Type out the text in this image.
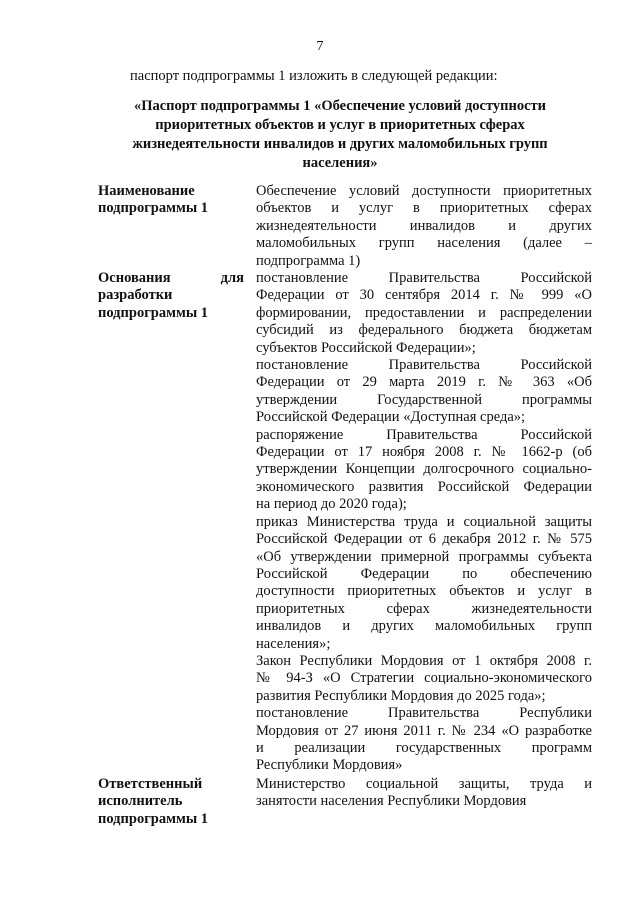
7
паспорт подпрограммы 1 изложить в следующей редакции:
«Паспорт подпрограммы 1 «Обеспечение условий доступности
приоритетных объектов и услуг в приоритетных сферах
жизнедеятельности инвалидов и других маломобильных групп
населения»
Наименование
подпрограммы 1
Обеспечение условий доступности приоритетных
объектов и услуг в приоритетных сферах
жизнедеятельности инвалидов и других
маломобильных групп населения (далее –
подпрограмма 1)
Основания для
разработки
подпрограммы 1
постановление Правительства Российской
Федерации от 30 сентября 2014 г. № 999 «О
формировании, предоставлении и распределении
субсидий из федерального бюджета бюджетам
субъектов Российской Федерации»;
постановление Правительства Российской
Федерации от 29 марта 2019 г. № 363 «Об
утверждении Государственной программы
Российской Федерации «Доступная среда»;
распоряжение Правительства Российской
Федерации от 17 ноября 2008 г. № 1662-р (об
утверждении Концепции долгосрочного социально-
экономического развития Российской Федерации
на период до 2020 года);
приказ Министерства труда и социальной защиты
Российской Федерации от 6 декабря 2012 г. № 575
«Об утверждении примерной программы субъекта
Российской Федерации по обеспечению
доступности приоритетных объектов и услуг в
приоритетных сферах жизнедеятельности
инвалидов и других маломобильных групп
населения»;
Закон Республики Мордовия от 1 октября 2008 г.
№ 94-З «О Стратегии социально-экономического
развития Республики Мордовия до 2025 года»;
постановление Правительства Республики
Мордовия от 27 июня 2011 г. № 234 «О разработке
и реализации государственных программ
Республики Мордовия»
Ответственный
исполнитель
подпрограммы 1
Министерство социальной защиты, труда и
занятости населения Республики Мордовия
